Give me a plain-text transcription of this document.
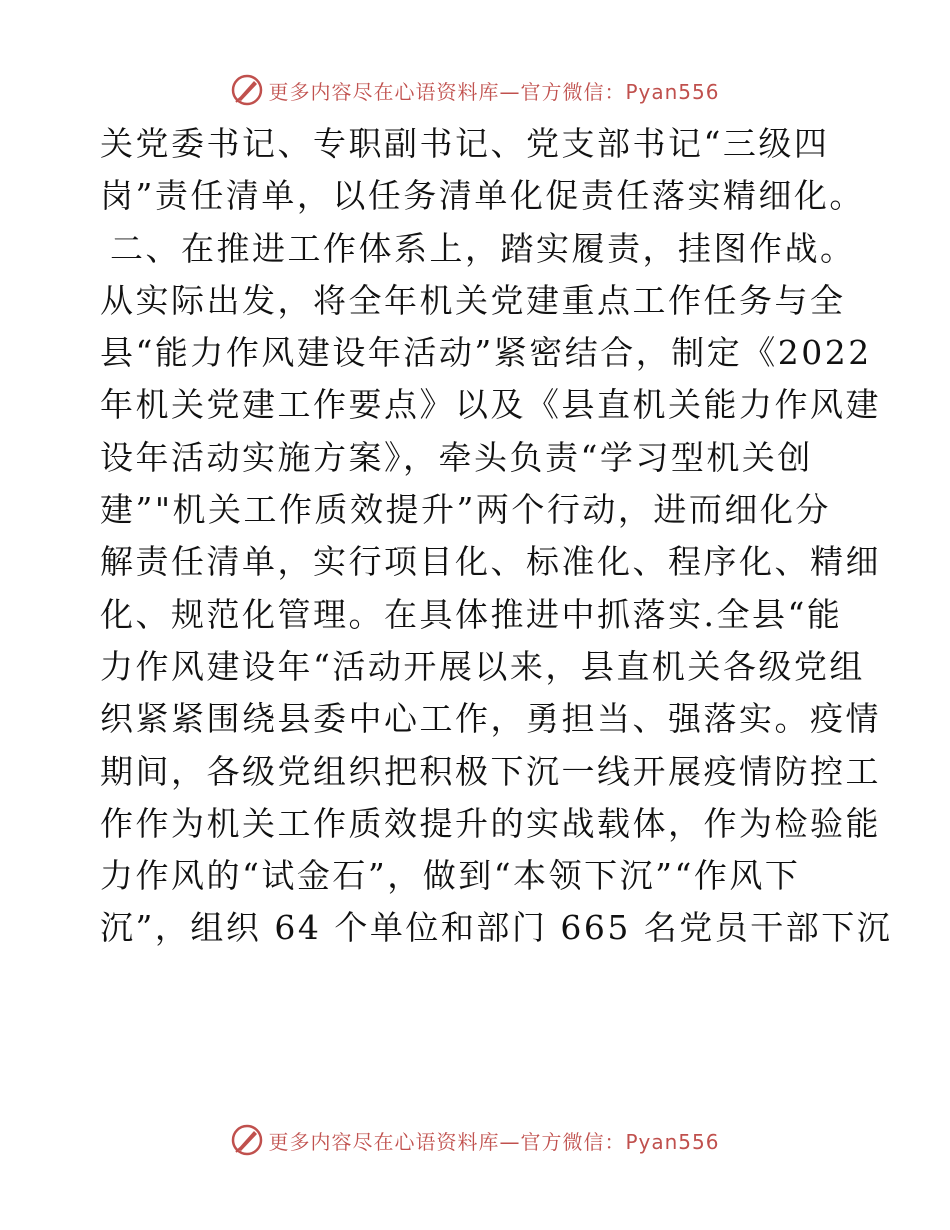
更多内容尽在心语资料库—官方微信：Pyan556
关党委书记、专职副书记、党支部书记“三级四
岗”责任清单，以任务清单化促责任落实精细化。
二、在推进工作体系上，踏实履责，挂图作战。
从实际出发，将全年机关党建重点工作任务与全
县“能力作风建设年活动”紧密结合，制定《2022
年机关党建工作要点》以及《县直机关能力作风建
设年活动实施方案》，牵头负责“学习型机关创
建”"机关工作质效提升”两个行动，进而细化分
解责任清单，实行项目化、标准化、程序化、精细
化、规范化管理。在具体推进中抓落实.全县“能
力作风建设年“活动开展以来，县直机关各级党组
织紧紧围绕县委中心工作，勇担当、强落实。疫情
期间，各级党组织把积极下沉一线开展疫情防控工
作作为机关工作质效提升的实战载体，作为检验能
力作风的“试金石”，做到“本领下沉”“作风下
沉”，组织 64 个单位和部门 665 名党员干部下沉
更多内容尽在心语资料库—官方微信：Pyan556
